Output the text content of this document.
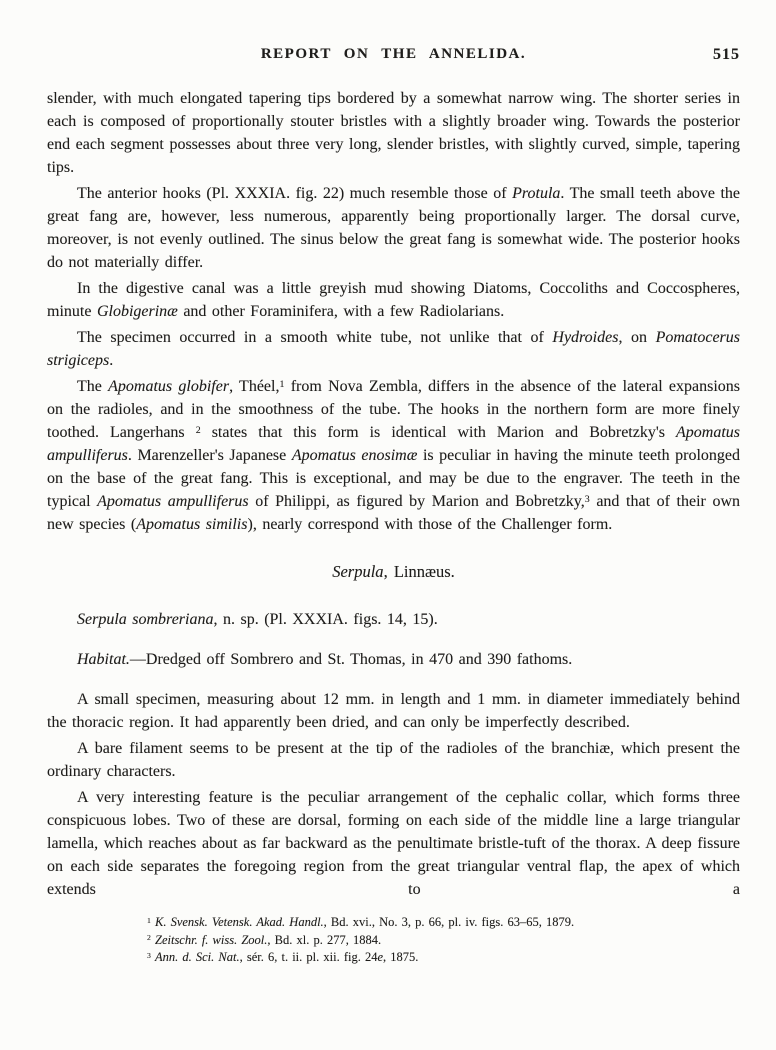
REPORT ON THE ANNELIDA.	515

slender, with much elongated tapering tips bordered by a somewhat narrow wing. The shorter series in each is composed of proportionally stouter bristles with a slightly broader wing. Towards the posterior end each segment possesses about three very long, slender bristles, with slightly curved, simple, tapering tips.

The anterior hooks (Pl. XXXIA. fig. 22) much resemble those of Protula. The small teeth above the great fang are, however, less numerous, apparently being proportionally larger. The dorsal curve, moreover, is not evenly outlined. The sinus below the great fang is somewhat wide. The posterior hooks do not materially differ.

In the digestive canal was a little greyish mud showing Diatoms, Coccoliths and Coccospheres, minute Globigerinæ and other Foraminifera, with a few Radiolarians.

The specimen occurred in a smooth white tube, not unlike that of Hydroides, on Pomatocerus strigiceps.

The Apomatus globifer, Théel,$^1$ from Nova Zembla, differs in the absence of the lateral expansions on the radioles, and in the smoothness of the tube. The hooks in the northern form are more finely toothed. Langerhans $^2$ states that this form is identical with Marion and Bobretzky's Apomatus ampulliferus. Marenzeller's Japanese Apomatus enosimæ is peculiar in having the minute teeth prolonged on the base of the great fang. This is exceptional, and may be due to the engraver. The teeth in the typical Apomatus ampulliferus of Philippi, as figured by Marion and Bobretzky,$^3$ and that of their own new species (Apomatus similis), nearly correspond with those of the Challenger form.

Serpula, Linnæus.

Serpula sombreriana, n. sp. (Pl. XXXIA. figs. 14, 15).

Habitat.—Dredged off Sombrero and St. Thomas, in 470 and 390 fathoms.

A small specimen, measuring about 12 mm. in length and 1 mm. in diameter immediately behind the thoracic region. It had apparently been dried, and can only be imperfectly described.

A bare filament seems to be present at the tip of the radioles of the branchiæ, which present the ordinary characters.

A very interesting feature is the peculiar arrangement of the cephalic collar, which forms three conspicuous lobes. Two of these are dorsal, forming on each side of the middle line a large triangular lamella, which reaches about as far backward as the penultimate bristle-tuft of the thorax. A deep fissure on each side separates the foregoing region from the great triangular ventral flap, the apex of which extends to a

$^1$ K. Svensk. Vetensk. Akad. Handl., Bd. xvi., No. 3, p. 66, pl. iv. figs. 63–65, 1879.

$^2$ Zeitschr. f. wiss. Zool., Bd. xl. p. 277, 1884.

$^3$ Ann. d. Sci. Nat., sér. 6, t. ii. pl. xii. fig. 24e, 1875.
